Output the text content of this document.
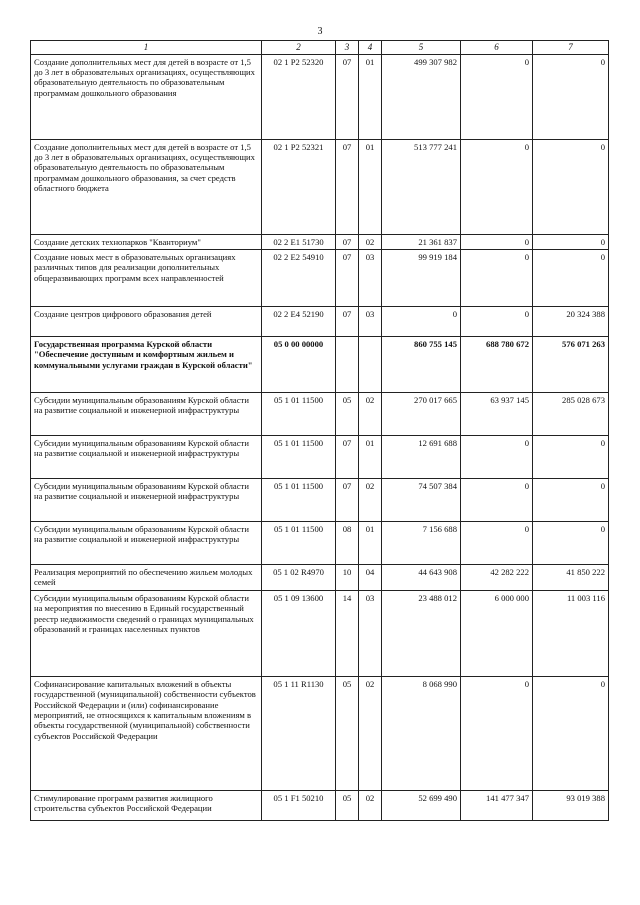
3
1	2	3	4	5	6	7
Создание дополнительных мест для детей в возрасте от 1,5 до 3 лет в образовательных организациях, осуществляющих образовательную деятельность по образовательным программам дошкольного образования	02 1 P2 52320	07	01	499 307 982	0	0
Создание дополнительных мест для детей в возрасте от 1,5 до 3 лет в образовательных организациях, осуществляющих образовательную деятельность по образовательным программам дошкольного образования, за счет средств областного бюджета	02 1 P2 52321	07	01	513 777 241	0	0
Создание детских технопарков "Кванториум"	02 2 E1 51730	07	02	21 361 837	0	0
Создание новых мест в образовательных организациях различных типов для реализации дополнительных общеразвивающих программ всех направленностей	02 2 E2 54910	07	03	99 919 184	0	0
Создание центров цифрового образования детей	02 2 E4 52190	07	03	0	0	20 324 388
Государственная программа Курской области "Обеспечение доступным и комфортным жильем и коммунальными услугами граждан в Курской области"	05 0 00 00000			860 755 145	688 780 672	576 071 263
Субсидии муниципальным образованиям Курской области на развитие социальной и инженерной инфраструктуры	05 1 01 11500	05	02	270 017 665	63 937 145	285 028 673
Субсидии муниципальным образованиям Курской области на развитие социальной и инженерной инфраструктуры	05 1 01 11500	07	01	12 691 688	0	0
Субсидии муниципальным образованиям Курской области на развитие социальной и инженерной инфраструктуры	05 1 01 11500	07	02	74 507 384	0	0
Субсидии муниципальным образованиям Курской области на развитие социальной и инженерной инфраструктуры	05 1 01 11500	08	01	7 156 688	0	0
Реализация мероприятий по обеспечению жильем молодых семей	05 1 02 R4970	10	04	44 643 908	42 282 222	41 850 222
Субсидии муниципальным образованиям Курской области на мероприятия по внесению в Единый государственный реестр недвижимости сведений о границах муниципальных образований и границах населенных пунктов	05 1 09 13600	14	03	23 488 012	6 000 000	11 003 116
Софинансирование капитальных вложений в объекты государственной (муниципальной) собственности субъектов Российской Федерации и (или) софинансирование мероприятий, не относящихся к капитальным вложениям в объекты государственной (муниципальной) собственности субъектов Российской Федерации	05 1 11 R1130	05	02	8 068 990	0	0
Стимулирование программ развития жилищного строительства субъектов Российской Федерации	05 1 F1 50210	05	02	52 699 490	141 477 347	93 019 388
